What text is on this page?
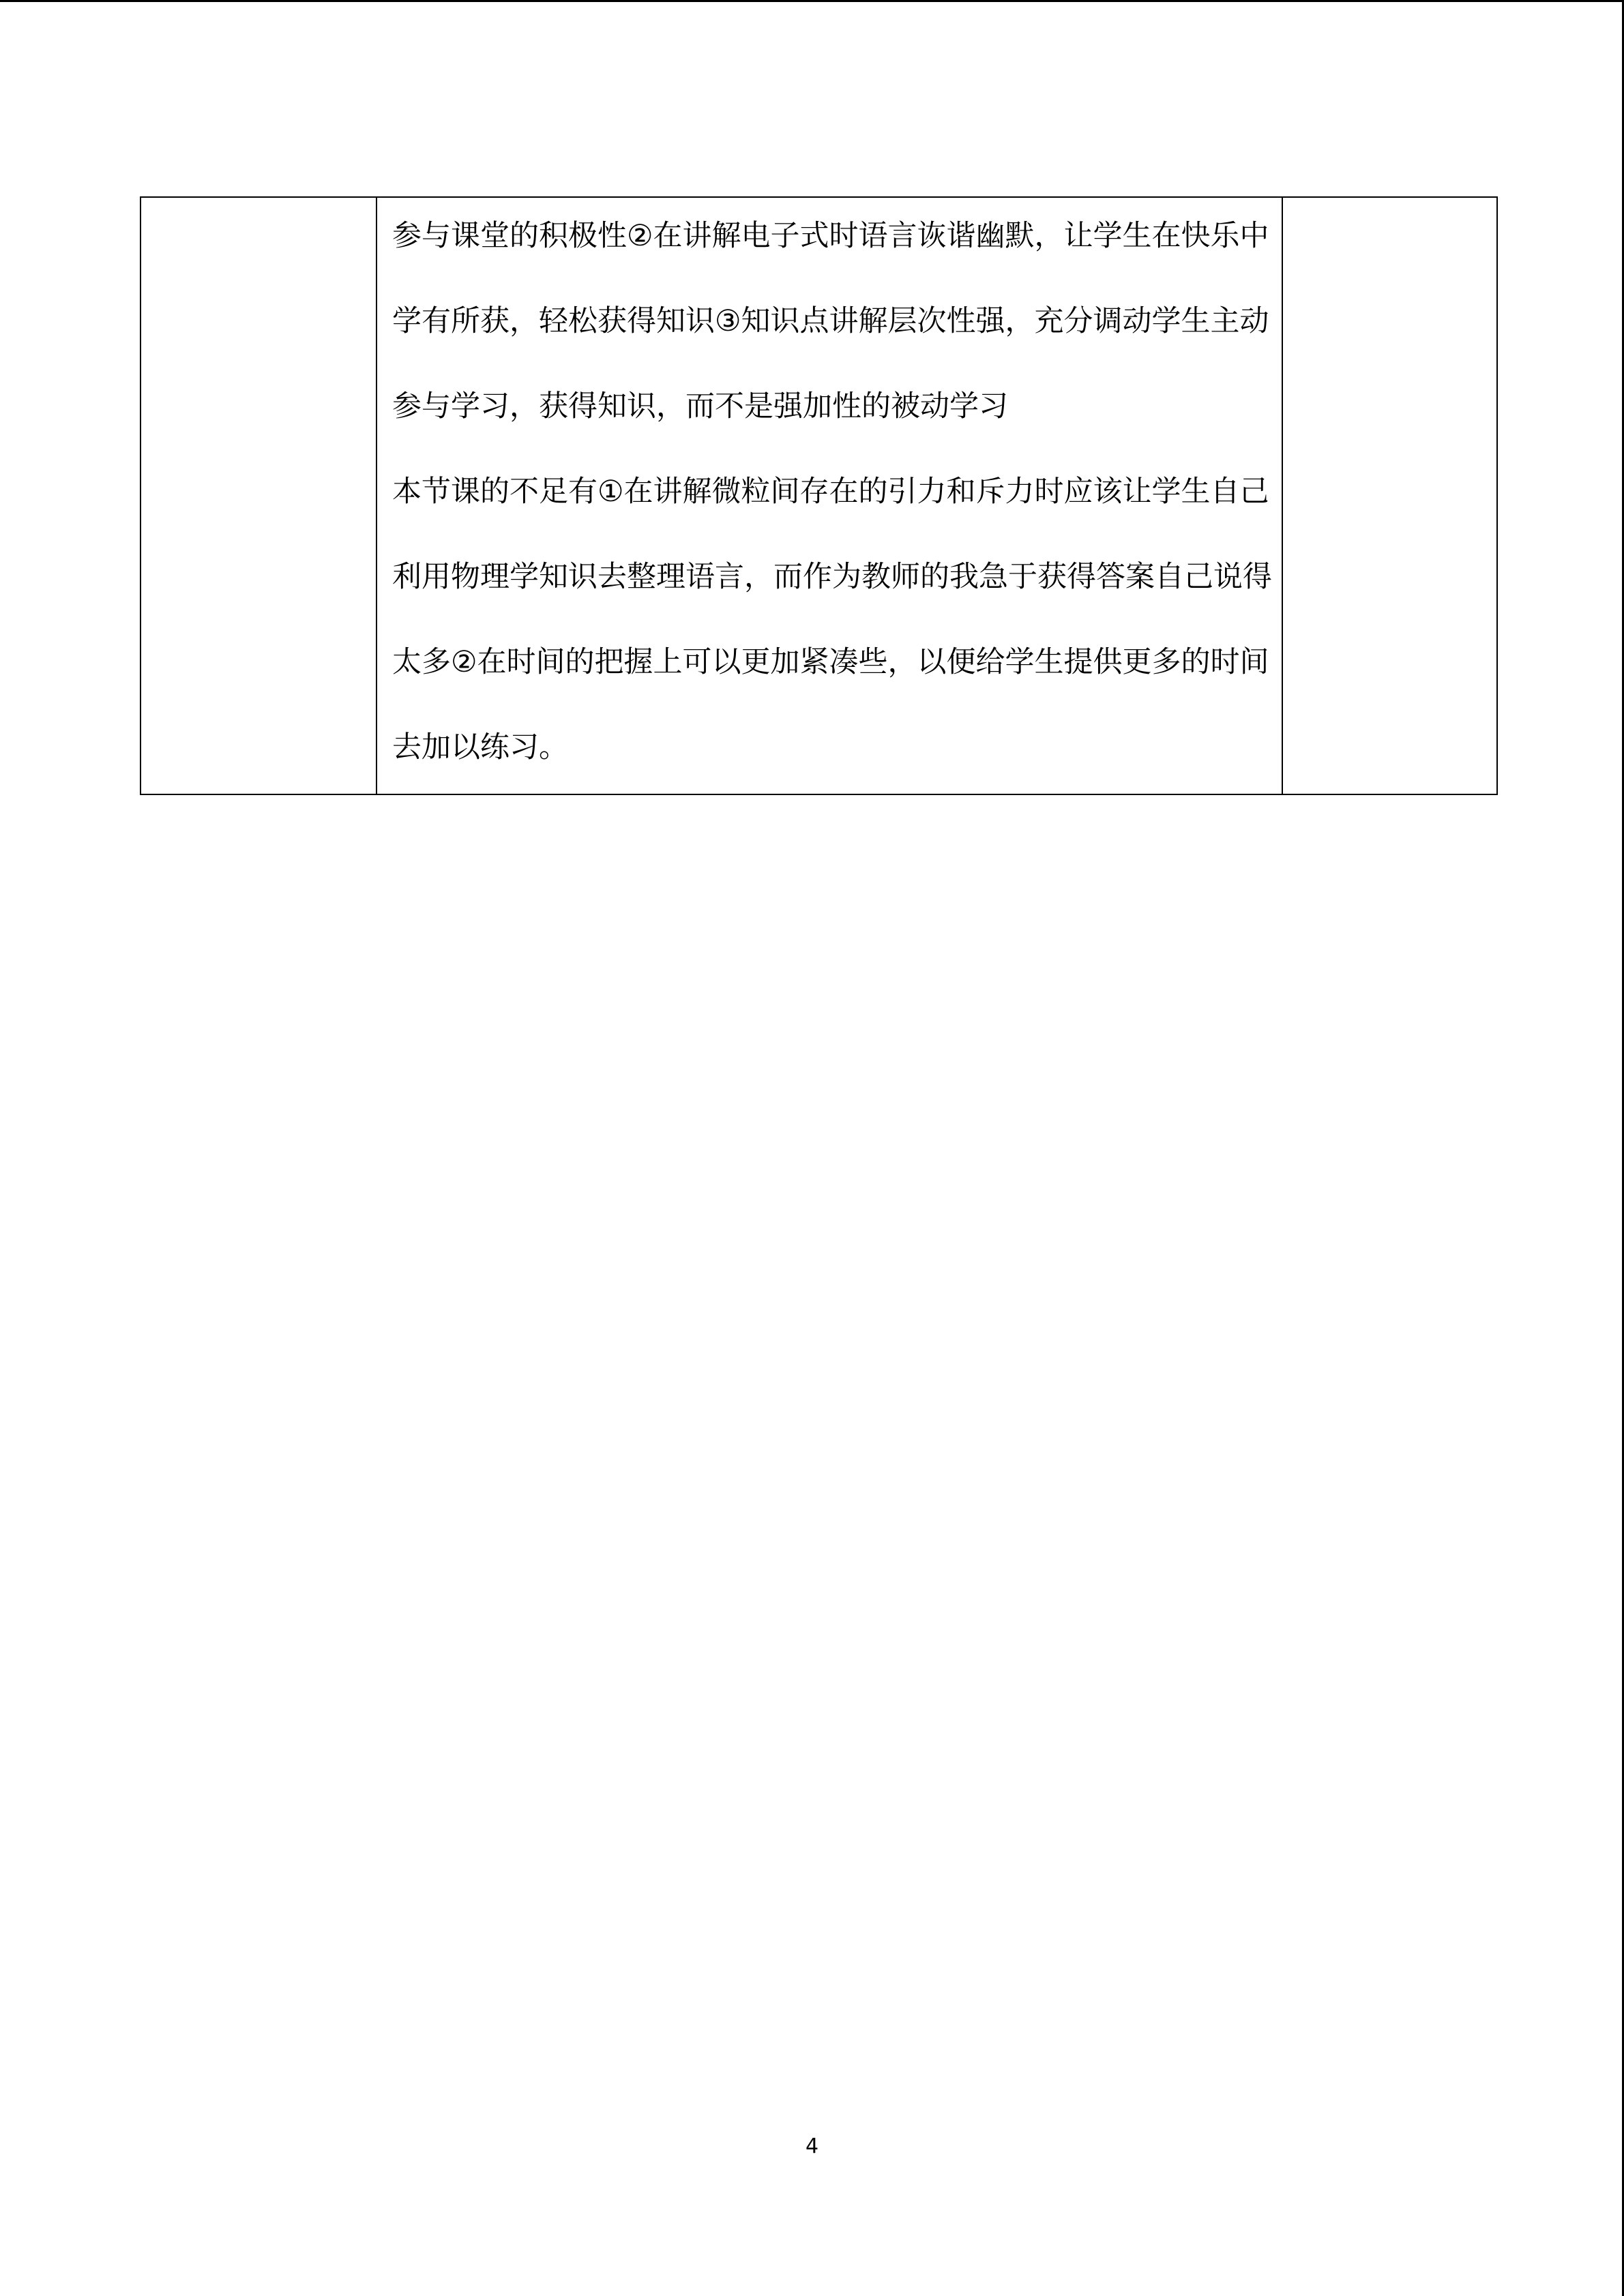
参与课堂的积极性②在讲解电子式时语言诙谐幽默，让学生在快乐中
学有所获，轻松获得知识③知识点讲解层次性强，充分调动学生主动
参与学习，获得知识，而不是强加性的被动学习

本节课的不足有①在讲解微粒间存在的引力和斥力时应该让学生自己
利用物理学知识去整理语言，而作为教师的我急于获得答案自己说得
太多②在时间的把握上可以更加紧凑些，以便给学生提供更多的时间
去加以练习。

4
